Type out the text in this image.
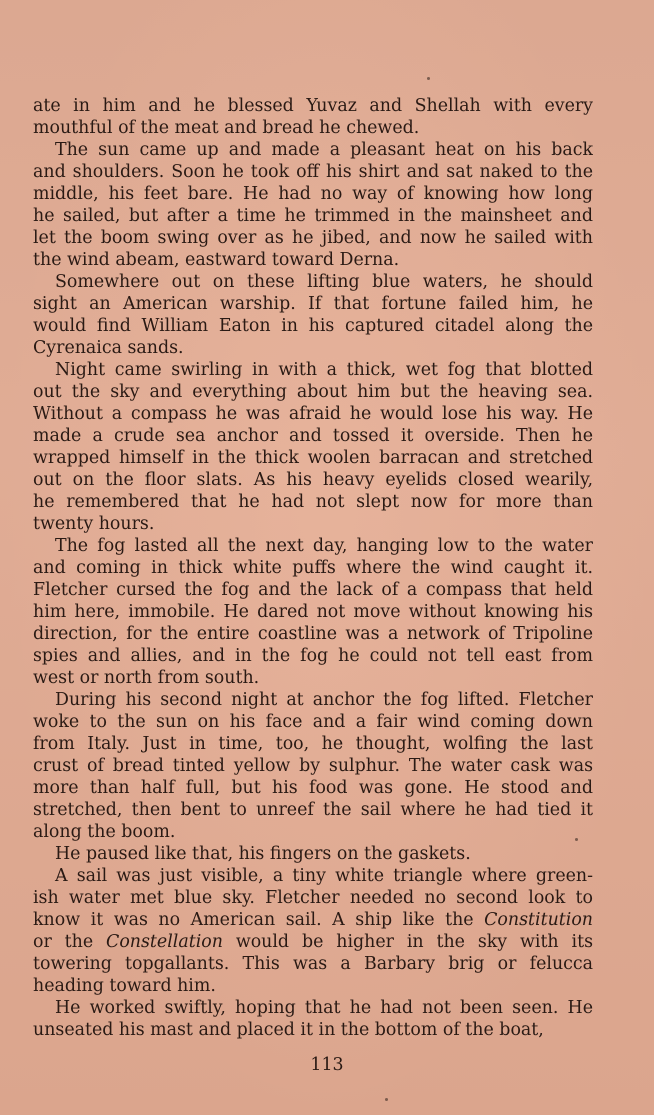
ate in him and he blessed Yuvaz and Shellah with every
mouthful of the meat and bread he chewed.
The sun came up and made a pleasant heat on his back
and shoulders. Soon he took off his shirt and sat naked to the
middle, his feet bare. He had no way of knowing how long
he sailed, but after a time he trimmed in the mainsheet and
let the boom swing over as he jibed, and now he sailed with
the wind abeam, eastward toward Derna.
Somewhere out on these lifting blue waters, he should
sight an American warship. If that fortune failed him, he
would find William Eaton in his captured citadel along the
Cyrenaica sands.
Night came swirling in with a thick, wet fog that blotted
out the sky and everything about him but the heaving sea.
Without a compass he was afraid he would lose his way. He
made a crude sea anchor and tossed it overside. Then he
wrapped himself in the thick woolen barracan and stretched
out on the floor slats. As his heavy eyelids closed wearily,
he remembered that he had not slept now for more than
twenty hours.
The fog lasted all the next day, hanging low to the water
and coming in thick white puffs where the wind caught it.
Fletcher cursed the fog and the lack of a compass that held
him here, immobile. He dared not move without knowing his
direction, for the entire coastline was a network of Tripoline
spies and allies, and in the fog he could not tell east from
west or north from south.
During his second night at anchor the fog lifted. Fletcher
woke to the sun on his face and a fair wind coming down
from Italy. Just in time, too, he thought, wolfing the last
crust of bread tinted yellow by sulphur. The water cask was
more than half full, but his food was gone. He stood and
stretched, then bent to unreef the sail where he had tied it
along the boom.
He paused like that, his fingers on the gaskets.
A sail was just visible, a tiny white triangle where green-
ish water met blue sky. Fletcher needed no second look to
know it was no American sail. A ship like the Constitution
or the Constellation would be higher in the sky with its
towering topgallants. This was a Barbary brig or felucca
heading toward him.
He worked swiftly, hoping that he had not been seen. He
unseated his mast and placed it in the bottom of the boat,
113
